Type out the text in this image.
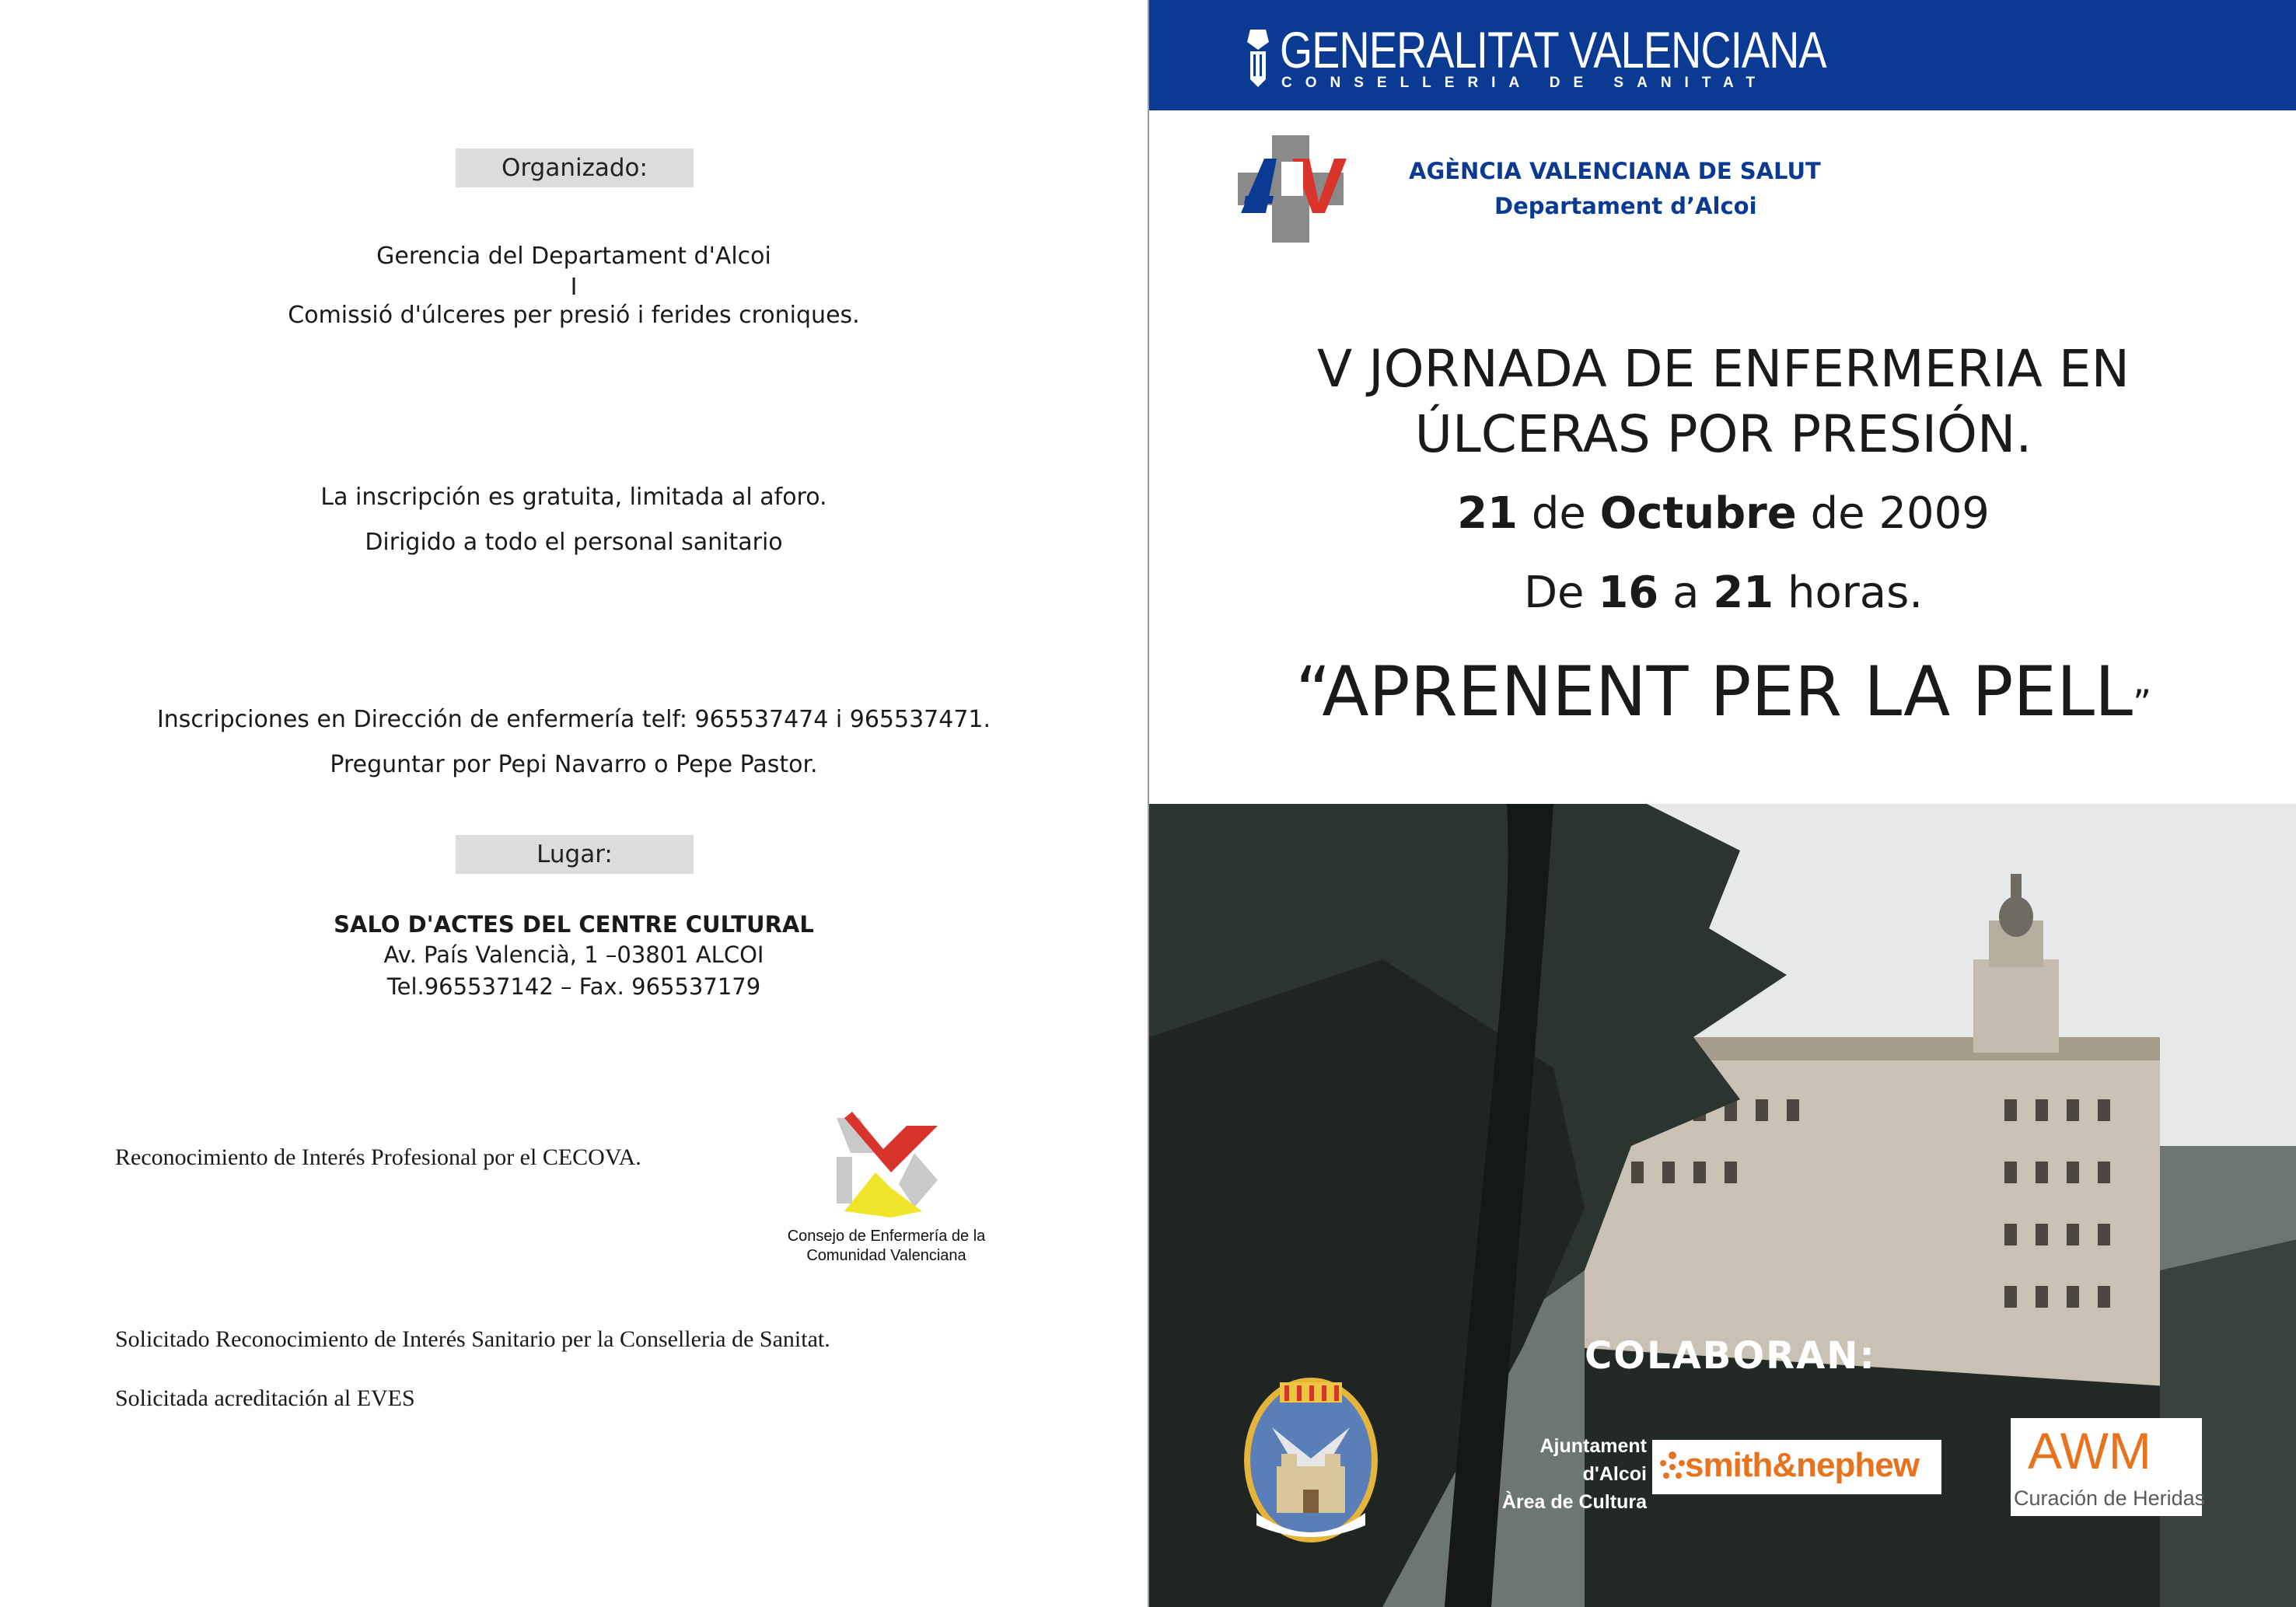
Organizado:
Gerencia del Departament d'Alcoi
I
Comissió d'úlceres per presió i ferides croniques.
La inscripción es gratuita, limitada al aforo.
Dirigido a todo el personal sanitario
Inscripciones en Dirección de enfermería telf: 965537474 i 965537471.
Preguntar por Pepi Navarro o Pepe Pastor.
Lugar:
SALO D'ACTES DEL CENTRE CULTURAL
Av. País Valencià, 1 –03801 ALCOI
Tel.965537142 – Fax. 965537179
Reconocimiento de Interés Profesional por el CECOVA.
Consejo de Enfermería de la
Comunidad Valenciana
Solicitado Reconocimiento de Interés Sanitario per la Conselleria de Sanitat.
Solicitada acreditación al EVES
GENERALITAT VALENCIANA
CONSELLERIA DE SANITAT
AGÈNCIA VALENCIANA DE SALUT
Departament d’Alcoi
V JORNADA DE ENFERMERIA EN
ÚLCERAS POR PRESIÓN.
21 de Octubre de 2009
De 16 a 21 horas.
“APRENENT PER LA PELL”
COLABORAN:
Ajuntament d'Alcoi
Àrea de Cultura
smith&nephew AWM
Curación de Heridas
